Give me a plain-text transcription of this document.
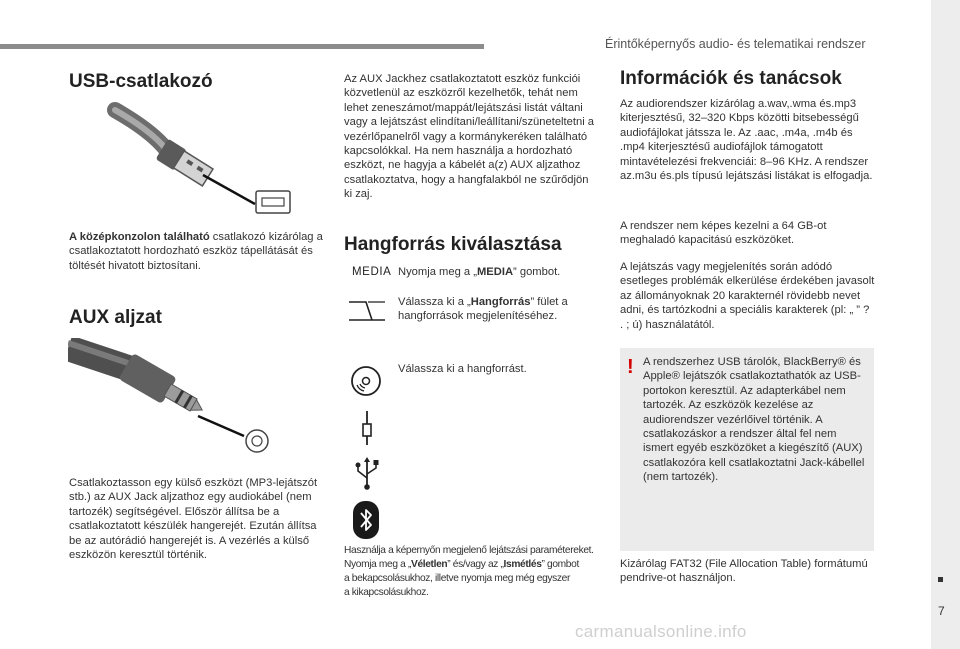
Érintőképernyős audio- és telematikai rendszer
7
USB-csatlakozó

A középkonzolon található csatlakozó kizárólag a csatlakoztatott hordozható eszköz tápellátását és töltését hivatott biztosítani.

AUX aljzat

Csatlakoztasson egy külső eszközt (MP3-lejátszót stb.) az AUX Jack aljzathoz egy audiokábel (nem tartozék) segítségével. Először állítsa be a csatlakoztatott készülék hangerejét. Ezután állítsa be az autórádió hangerejét is. A vezérlés a külső eszközön keresztül történik.

Az AUX Jackhez csatlakoztatott eszköz funkciói közvetlenül az eszközről kezelhetők, tehát nem lehet zeneszámot/mappát/lejátszási listát váltani vagy a lejátszást elindítani/leállítani/szüneteltetni a vezérlőpanelről vagy a kormánykeréken található kapcsolókkal. Ha nem használja a hordozható eszközt, ne hagyja a kábelét a(z) AUX aljzathoz csatlakoztatva, hogy a hangfalakból ne szűrődjön ki zaj.

Hangforrás kiválasztása
MEDIA Nyomja meg a „MEDIA” gombot.

Válassza ki a „Hangforrás” fület a hangforrások megjelenítéséhez.

Válassza ki a hangforrást.

Használja a képernyőn megjelenő lejátszási paramétereket.
Nyomja meg a „Véletlen” és/vagy az „Ismétlés” gombot
a bekapcsolásukhoz, illetve nyomja meg még egyszer
a kikapcsolásukhoz.
Információk és tanácsok

Az audiorendszer kizárólag a.wav,.wma és.mp3 kiterjesztésű, 32–320 Kbps közötti bitsebességű audiofájlokat játssza le. Az .aac, .m4a, .m4b és .mp4 kiterjesztésű audiofájlok támogatott mintavételezési frekvenciái: 8–96 KHz. A rendszer az.m3u és.pls típusú lejátszási listákat is elfogadja.

A rendszer nem képes kezelni a 64 GB-ot meghaladó kapacitású eszközöket.

A lejátszás vagy megjelenítés során adódó esetleges problémák elkerülése érdekében javasolt az állományoknak 20 karakternél rövidebb nevet adni, és tartózkodni a speciális karakterek (pl: „ ” ? . ; ú) használatától.

! A rendszerhez USB tárolók, BlackBerry® és Apple® lejátszók csatlakoztathatók az USB-portokon keresztül. Az adapterkábel nem tartozék. Az eszközök kezelése az audiorendszer vezérlőivel történik. A csatlakozáskor a rendszer által fel nem ismert egyéb eszközöket a kiegészítő (AUX) csatlakozóra kell csatlakoztatni Jack-kábellel (nem tartozék).

Kizárólag FAT32 (File Allocation Table) formátumú pendrive-ot használjon.

carmanualsonline.info
